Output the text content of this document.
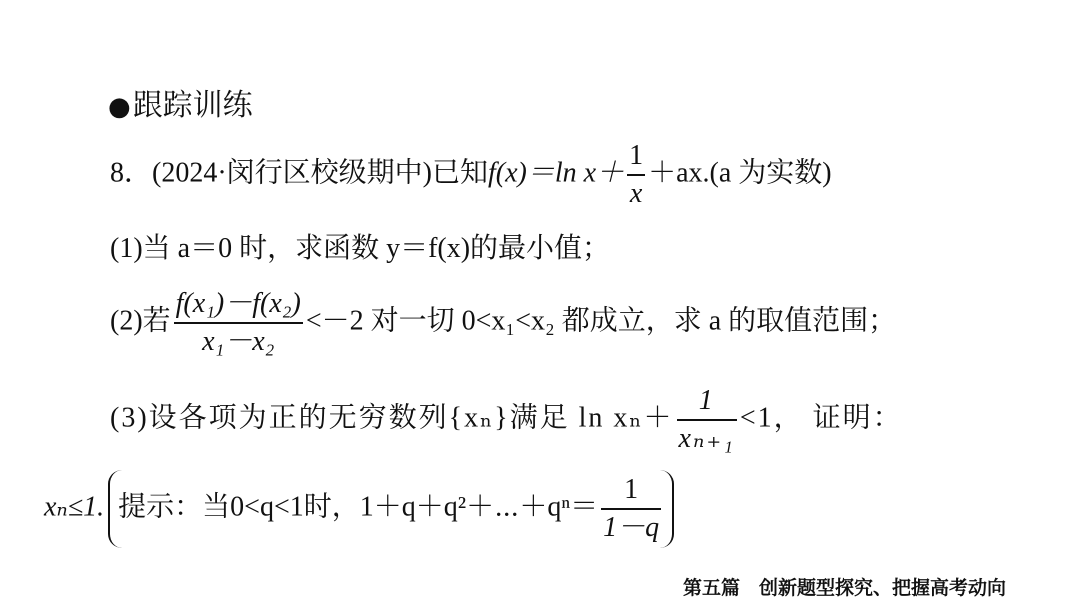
高考二轮复习专题·数学
●跟踪训练
8．(2024·闵行区校级期中)已知f(x)＝ln $x+ \frac{1}{x} +ax.(a$ 为实数)
(1)当 a＝0 时，求函数 y＝f(x)的最小值；
(2)若 $\frac{\text{f(x₁)－f(x₂)}}{\text{x₁－x₂}} <-2$ 对一切 0<x₁<x₂ 都成立，求 a 的取值范围；
(3)设各项为正的无穷数列{xₙ}满足 $\ln x_n+ \frac{1}{\text{xₙ₊₁}} <1$， 证明：
xₙ≤1. 提示：当0<q<1时，1＋q＋q²＋⋯＋qⁿ＝ $\frac{1}{1-q}$
第五篇　创新题型探究、把握高考动向
